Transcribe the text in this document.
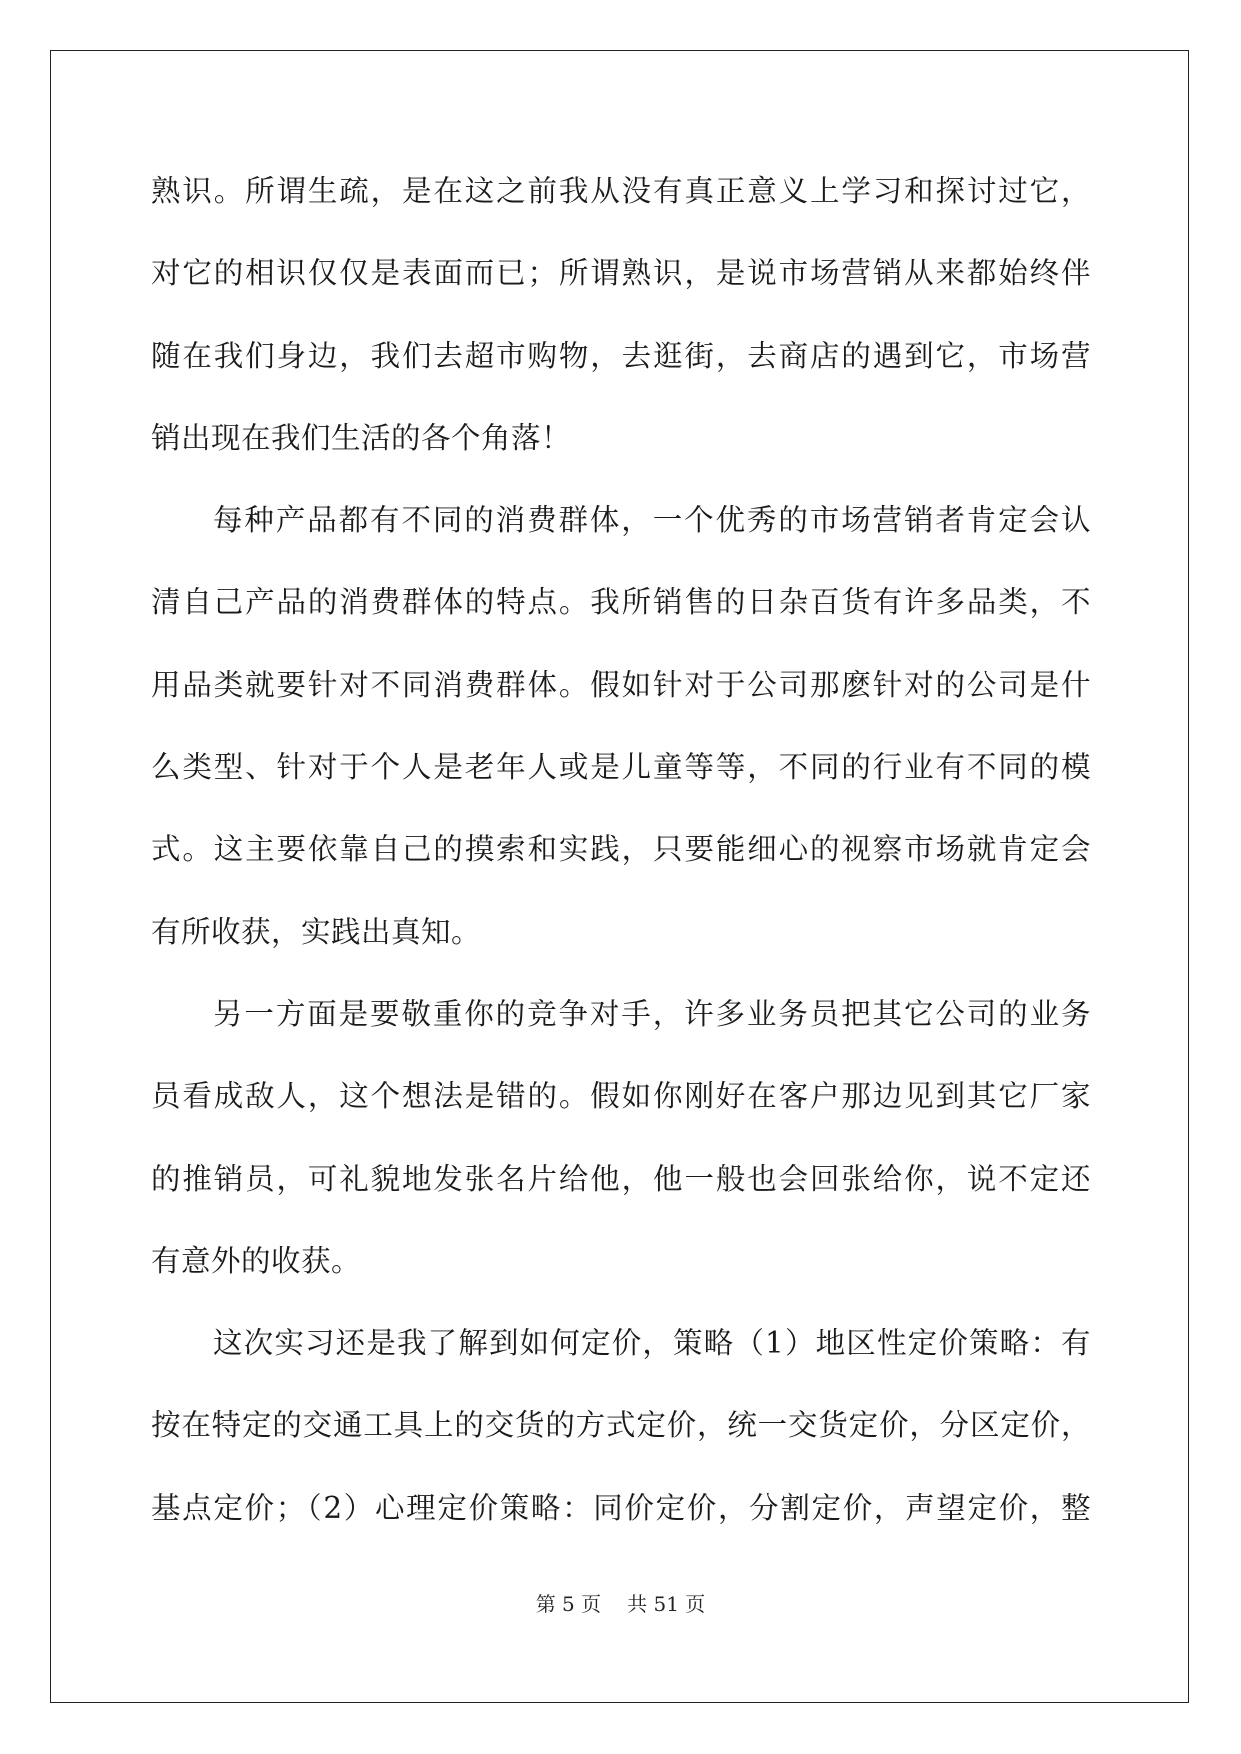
熟识。所谓生疏，是在这之前我从没有真正意义上学习和探讨过它，
对它的相识仅仅是表面而已；所谓熟识，是说市场营销从来都始终伴
随在我们身边，我们去超市购物，去逛街，去商店的遇到它，市场营
销出现在我们生活的各个角落！
每种产品都有不同的消费群体，一个优秀的市场营销者肯定会认
清自己产品的消费群体的特点。我所销售的日杂百货有许多品类，不
用品类就要针对不同消费群体。假如针对于公司那麽针对的公司是什
么类型、针对于个人是老年人或是儿童等等，不同的行业有不同的模
式。这主要依靠自己的摸索和实践，只要能细心的视察市场就肯定会
有所收获，实践出真知。
另一方面是要敬重你的竞争对手，许多业务员把其它公司的业务
员看成敌人，这个想法是错的。假如你刚好在客户那边见到其它厂家
的推销员，可礼貌地发张名片给他，他一般也会回张给你，说不定还
有意外的收获。
这次实习还是我了解到如何定价，策略（1）地区性定价策略：有
按在特定的交通工具上的交货的方式定价，统一交货定价，分区定价，
基点定价；（2）心理定价策略：同价定价，分割定价，声望定价，整
第 5 页 共 51 页
